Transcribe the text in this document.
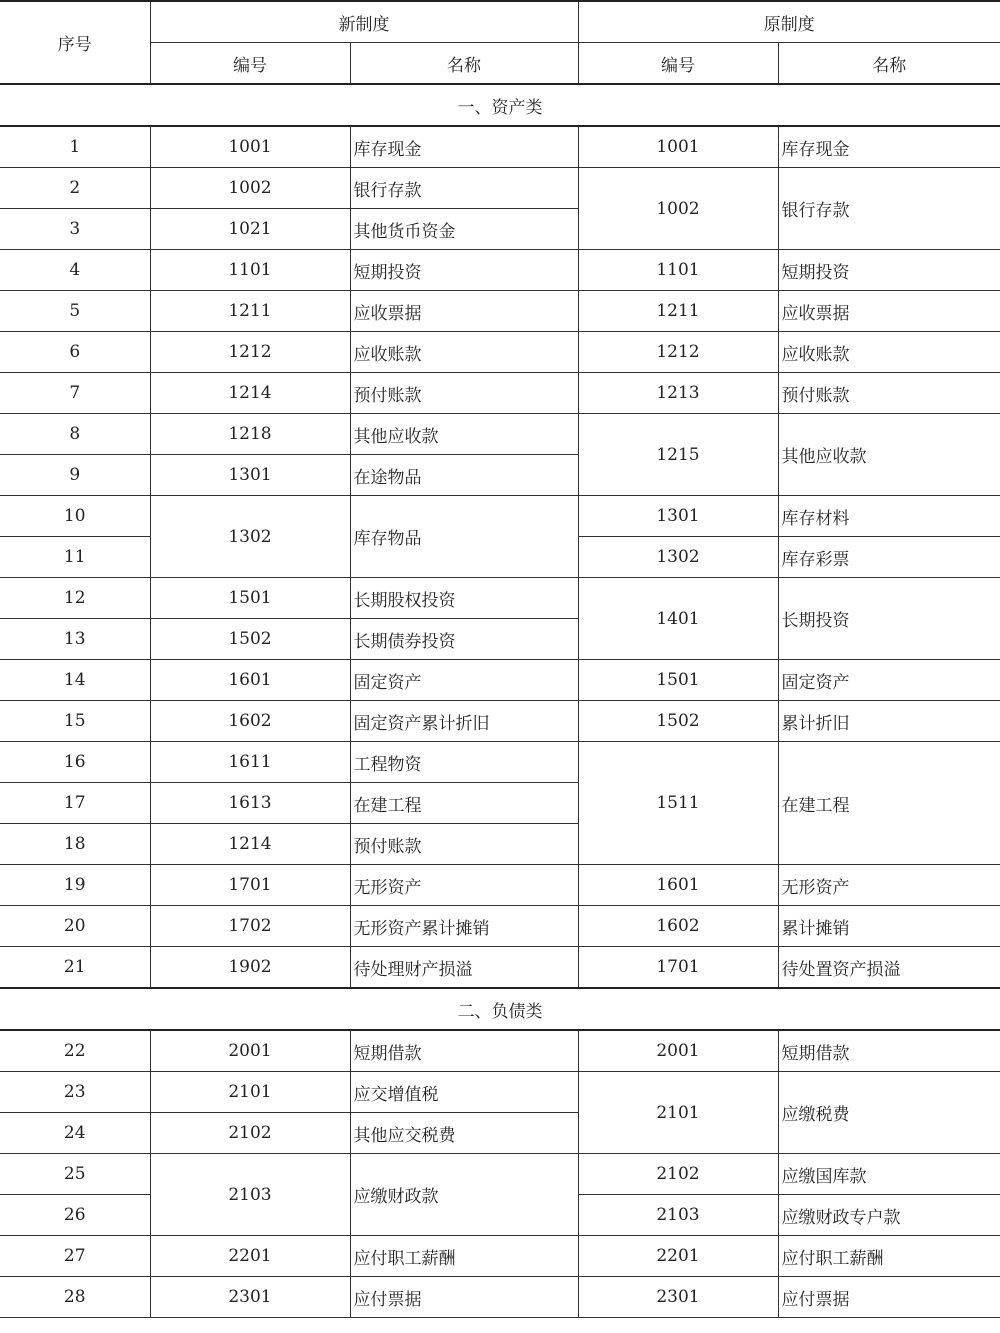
序号	新制度		原制度	
	编号	名称	编号	名称
一、资产类				
1	1001	库存现金	1001	库存现金
2	1002	银行存款	1002	银行存款
3	1021	其他货币资金		
4	1101	短期投资	1101	短期投资
5	1211	应收票据	1211	应收票据
6	1212	应收账款	1212	应收账款
7	1214	预付账款	1213	预付账款
8	1218	其他应收款	1215	其他应收款
9	1301	在途物品		
10	1302	库存物品	1301	库存材料
11			1302	库存彩票
12	1501	长期股权投资	1401	长期投资
13	1502	长期债券投资		
14	1601	固定资产	1501	固定资产
15	1602	固定资产累计折旧	1502	累计折旧
16	1611	工程物资	1511	在建工程
17	1613	在建工程		
18	1214	预付账款		
19	1701	无形资产	1601	无形资产
20	1702	无形资产累计摊销	1602	累计摊销
21	1902	待处理财产损溢	1701	待处置资产损溢
二、负债类				
22	2001	短期借款	2001	短期借款
23	2101	应交增值税	2101	应缴税费
24	2102	其他应交税费		
25	2103	应缴财政款	2102	应缴国库款
26			2103	应缴财政专户款
27	2201	应付职工薪酬	2201	应付职工薪酬
28	2301	应付票据	2301	应付票据
